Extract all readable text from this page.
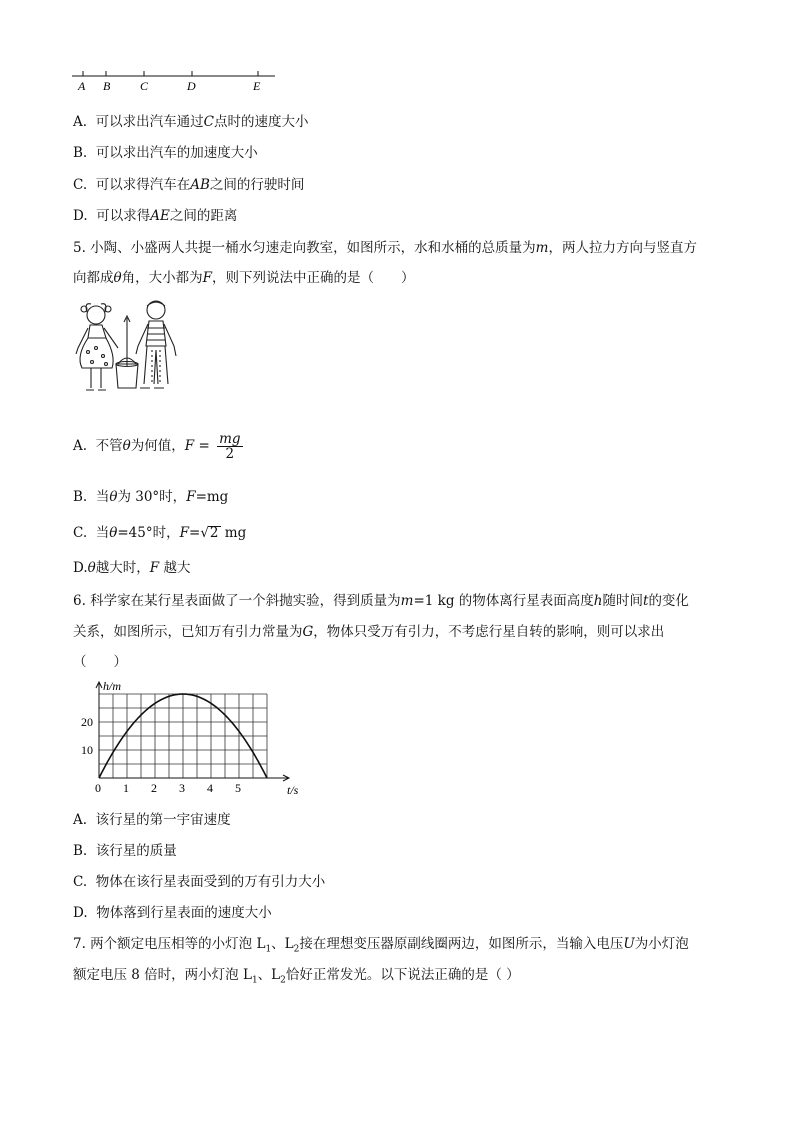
A B C	D	E
A. 可以求出汽车通过C点时的速度大小
B. 可以求出汽车的加速度大小
C. 可以求得汽车在AB之间的行驶时间
D. 可以求得AE之间的距离
5. 小陶、小盛两人共提一桶水匀速走向教室，如图所示，水和水桶的总质量为m，两人拉力方向与竖直方
向都成θ角，大小都为F，则下列说法中正确的是（　　）
A. 不管θ为何值，$F = \frac{mg}{2}$
B. 当θ为 30°时，F=mg
C. 当θ=45°时，F=√2 mg
D.θ越大时，F 越大
6. 科学家在某行星表面做了一个斜抛实验，得到质量为m=1 kg 的物体离行星表面高度h随时间t的变化
关系，如图所示，已知万有引力常量为G，物体只受万有引力，不考虑行星自转的影响，则可以求出
（　　）
0 1 2 3 4 5
10
20
h/m
t/s
A. 该行星的第一宇宙速度
B. 该行星的质量
C. 物体在该行星表面受到的万有引力大小
D. 物体落到行星表面的速度大小
7. 两个额定电压相等的小灯泡 $L_1$、$L_2$接在理想变压器原副线圈两边，如图所示，当输入电压U为小灯泡
额定电压 8 倍时，两小灯泡 $L_1$、$L_2$恰好正常发光。以下说法正确的是（ ）
